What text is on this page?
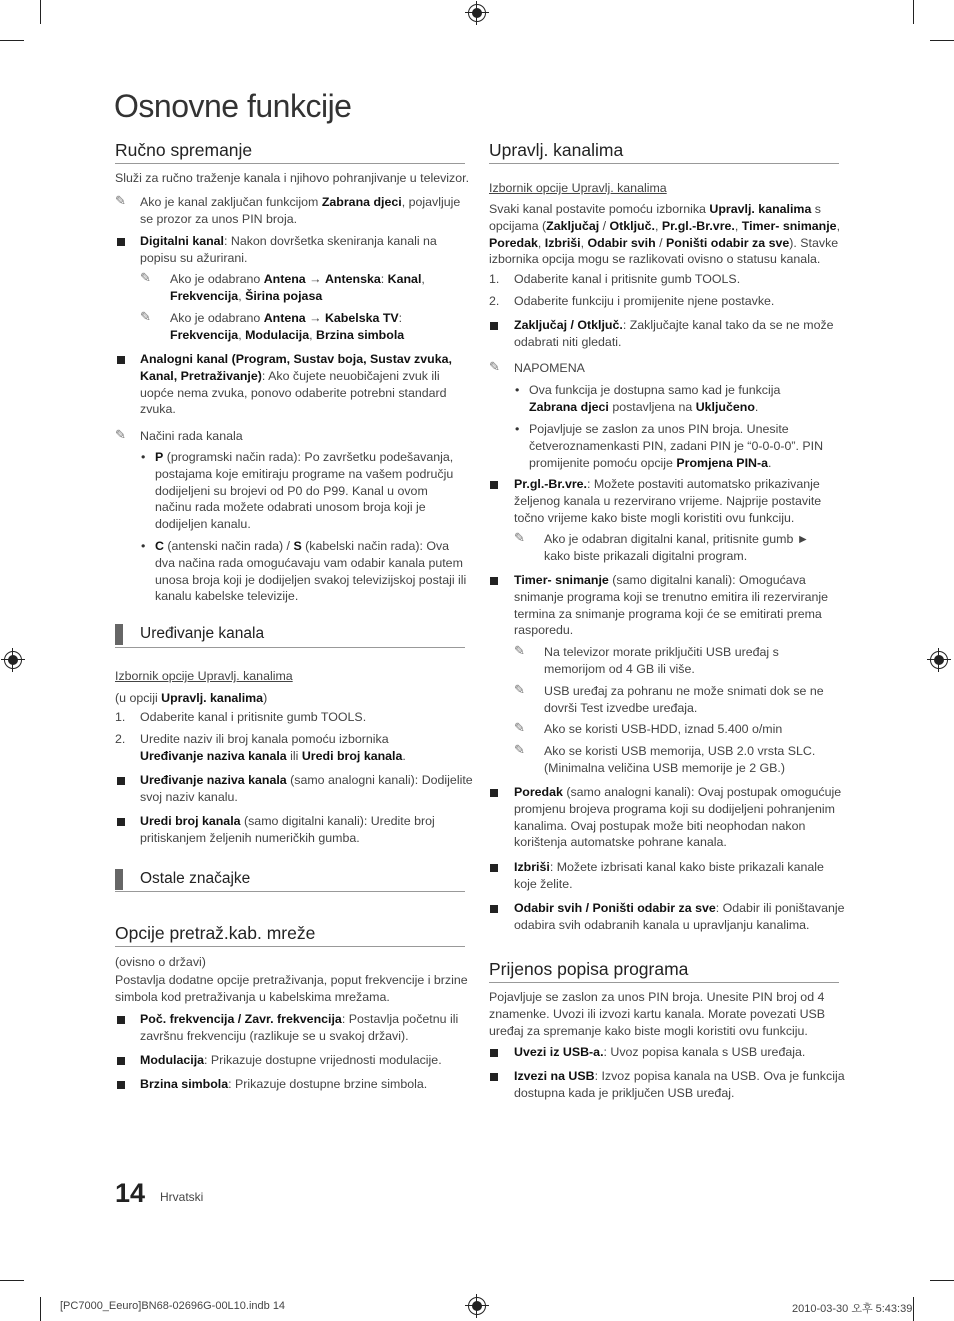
Osnovne funkcije
Ručno spremanje
Služi za ručno traženje kanala i njihovo pohranjivanje u televizor.
✎ Ako je kanal zaključan funkcijom Zabrana djeci, pojavljuje
se prozor za unos PIN broja.
Digitalni kanal: Nakon dovršetka skeniranja kanali na
popisu su ažurirani.
✎ Ako je odabrano Antena → Antenska: Kanal,
Frekvencija, Širina pojasa
✎ Ako je odabrano Antena → Kabelska TV:
Frekvencija, Modulacija, Brzina simbola
Analogni kanal (Program, Sustav boja, Sustav zvuka,
Kanal, Pretraživanje): Ako čujete neuobičajeni zvuk ili
uopće nema zvuka, ponovo odaberite potrebni standard
zvuka.
✎ Načini rada kanala
• P (programski način rada): Po završetku podešavanja,
postajama koje emitiraju programe na vašem području
dodijeljeni su brojevi od P0 do P99. Kanal u ovom
načinu rada možete odabrati unosom broja koji je
dodijeljen kanalu.
• C (antenski način rada) / S (kabelski način rada): Ova
dva načina rada omogućavaju vam odabir kanala putem
unosa broja koji je dodijeljen svakoj televizijskoj postaji ili
kanalu kabelske televizije.
Uređivanje kanala
Izbornik opcije Upravlj. kanalima
(u opciji Upravlj. kanalima)
1. Odaberite kanal i pritisnite gumb TOOLS.
2. Uredite naziv ili broj kanala pomoću izbornika
Uređivanje naziva kanala ili Uredi broj kanala.
Uređivanje naziva kanala (samo analogni kanali): Dodijelite
svoj naziv kanalu.
Uredi broj kanala (samo digitalni kanali): Uredite broj
pritiskanjem željenih numeričkih gumba.
Ostale značajke
Opcije pretraž.kab. mreže
(ovisno o državi)
Postavlja dodatne opcije pretraživanja, poput frekvencije i brzine
simbola kod pretraživanja u kabelskima mrežama.
Poč. frekvencija / Zavr. frekvencija: Postavlja početnu ili
završnu frekvenciju (razlikuje se u svakoj državi).
Modulacija: Prikazuje dostupne vrijednosti modulacije.
Brzina simbola: Prikazuje dostupne brzine simbola.
Upravlj. kanalima
Izbornik opcije Upravlj. kanalima
Svaki kanal postavite pomoću izbornika Upravlj. kanalima s
opcijama (Zaključaj / Otključ., Pr.gl.-Br.vre., Timer- snimanje,
Poredak, Izbriši, Odabir svih / Poništi odabir za sve). Stavke
izbornika opcija mogu se razlikovati ovisno o statusu kanala.
1. Odaberite kanal i pritisnite gumb TOOLS.
2. Odaberite funkciju i promijenite njene postavke.
Zaključaj / Otključ.: Zaključajte kanal tako da se ne može
odabrati niti gledati.
✎ NAPOMENA
• Ova funkcija je dostupna samo kad je funkcija
Zabrana djeci postavljena na Uključeno.
• Pojavljuje se zaslon za unos PIN broja. Unesite
četveroznamenkasti PIN, zadani PIN je “0-0-0-0”. PIN
promijenite pomoću opcije Promjena PIN-a.
Pr.gl.-Br.vre.: Možete postaviti automatsko prikazivanje
željenog kanala u rezervirano vrijeme. Najprije postavite
točno vrijeme kako biste mogli koristiti ovu funkciju.
✎ Ako je odabran digitalni kanal, pritisnite gumb ►
kako biste prikazali digitalni program.
Timer- snimanje (samo digitalni kanali): Omogućava
snimanje programa koji se trenutno emitira ili rezerviranje
termina za snimanje programa koji će se emitirati prema
rasporedu.
✎ Na televizor morate priključiti USB uređaj s
memorijom od 4 GB ili više.
✎ USB uređaj za pohranu ne može snimati dok se ne
dovrši Test izvedbe uređaja.
✎ Ako se koristi USB-HDD, iznad 5.400 o/min
✎ Ako se koristi USB memorija, USB 2.0 vrsta SLC.
(Minimalna veličina USB memorije je 2 GB.)
Poredak (samo analogni kanali): Ovaj postupak omogućuje
promjenu brojeva programa koji su dodijeljeni pohranjenim
kanalima. Ovaj postupak može biti neophodan nakon
korištenja automatske pohrane kanala.
Izbriši: Možete izbrisati kanal kako biste prikazali kanale
koje želite.
Odabir svih / Poništi odabir za sve: Odabir ili poništavanje
odabira svih odabranih kanala u upravljanju kanalima.
Prijenos popisa programa
Pojavljuje se zaslon za unos PIN broja. Unesite PIN broj od 4
znamenke. Uvozi ili izvozi kartu kanala. Morate povezati USB
uređaj za spremanje kako biste mogli koristiti ovu funkciju.
Uvezi iz USB-a.: Uvoz popisa kanala s USB uređaja.
Izvezi na USB: Izvoz popisa kanala na USB. Ova je funkcija
dostupna kada je priključen USB uređaj.
14 Hrvatski
[PC7000_Eeuro]BN68-02696G-00L10.indb 14	2010-03-30 오후 5:43:39
